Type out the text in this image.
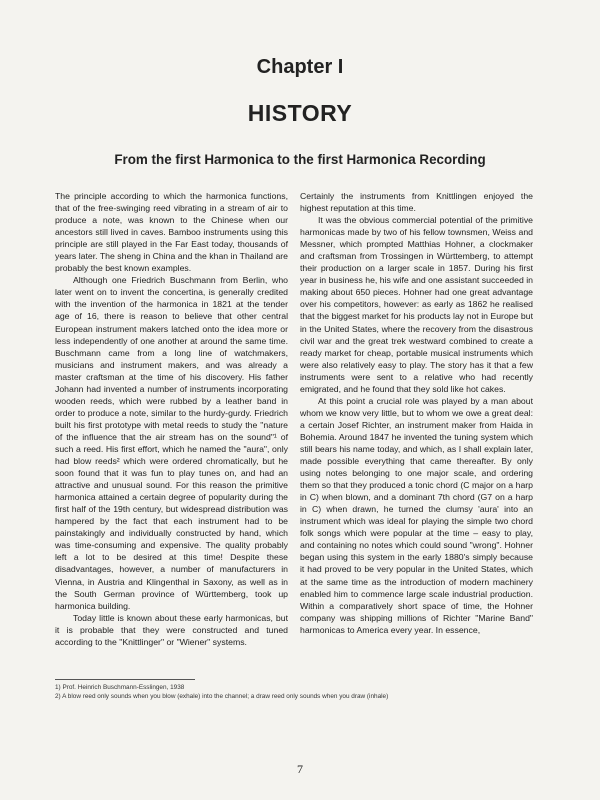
Chapter I
HISTORY
From the first Harmonica to the first Harmonica Recording

The principle according to which the harmonica functions, that of the free-swinging reed vibrating in a stream of air to produce a note, was known to the Chinese when our ancestors still lived in caves. Bamboo instruments using this principle are still played in the Far East today, thousands of years later. The sheng in China and the khan in Thailand are probably the best known examples.

Although one Friedrich Buschmann from Berlin, who later went on to invent the concertina, is generally credited with the invention of the harmonica in 1821 at the tender age of 16, there is reason to believe that other central European instrument makers latched onto the idea more or less independently of one another at around the same time. Buschmann came from a long line of watchmakers, musicians and instrument makers, and was already a master craftsman at the time of his discovery. His father Johann had invented a number of instruments incorporating wooden reeds, which were rubbed by a leather band in order to produce a note, similar to the hurdy-gurdy. Friedrich built his first prototype with metal reeds to study the "nature of the influence that the air stream has on the sound"¹ of such a reed. His first effort, which he named the "aura", only had blow reeds² which were ordered chromatically, but he soon found that it was fun to play tunes on, and had an attractive and unusual sound. For this reason the primitive harmonica attained a certain degree of popularity during the first half of the 19th century, but widespread distribution was hampered by the fact that each instrument had to be painstakingly and individually constructed by hand, which was time-consuming and expensive. The quality probably left a lot to be desired at this time! Despite these disadvantages, however, a number of manufacturers in Vienna, in Austria and Klingenthal in Saxony, as well as in the South German province of Württemberg, took up harmonica building.

Today little is known about these early harmonicas, but it is probable that they were constructed and tuned according to the "Knittlinger" or "Wiener" systems.

Certainly the instruments from Knittlingen enjoyed the highest reputation at this time.

It was the obvious commercial potential of the primitive harmonicas made by two of his fellow townsmen, Weiss and Messner, which prompted Matthias Hohner, a clockmaker and craftsman from Trossingen in Württemberg, to attempt their production on a larger scale in 1857. During his first year in business he, his wife and one assistant succeeded in making about 650 pieces. Hohner had one great advantage over his competitors, however: as early as 1862 he realised that the biggest market for his products lay not in Europe but in the United States, where the recovery from the disastrous civil war and the great trek westward combined to create a ready market for cheap, portable musical instruments which were also relatively easy to play. The story has it that a few instruments were sent to a relative who had recently emigrated, and he found that they sold like hot cakes.

At this point a crucial role was played by a man about whom we know very little, but to whom we owe a great deal: a certain Josef Richter, an instrument maker from Haida in Bohemia. Around 1847 he invented the tuning system which still bears his name today, and which, as I shall explain later, made possible everything that came thereafter. By only using notes belonging to one major scale, and ordering them so that they produced a tonic chord (C major on a harp in C) when blown, and a dominant 7th chord (G7 on a harp in C) when drawn, he turned the clumsy 'aura' into an instrument which was ideal for playing the simple two chord folk songs which were popular at the time – easy to play, and containing no notes which could sound "wrong". Hohner began using this system in the early 1880's simply because it had proved to be very popular in the United States, which at the same time as the introduction of modern machinery enabled him to commence large scale industrial production. Within a comparatively short space of time, the Hohner company was shipping millions of Richter "Marine Band" harmonicas to America every year. In essence,

1) Prof. Heinrich Buschmann-Esslingen, 1938
2) A blow reed only sounds when you blow (exhale) into the channel; a draw reed only sounds when you draw (inhale)
7
